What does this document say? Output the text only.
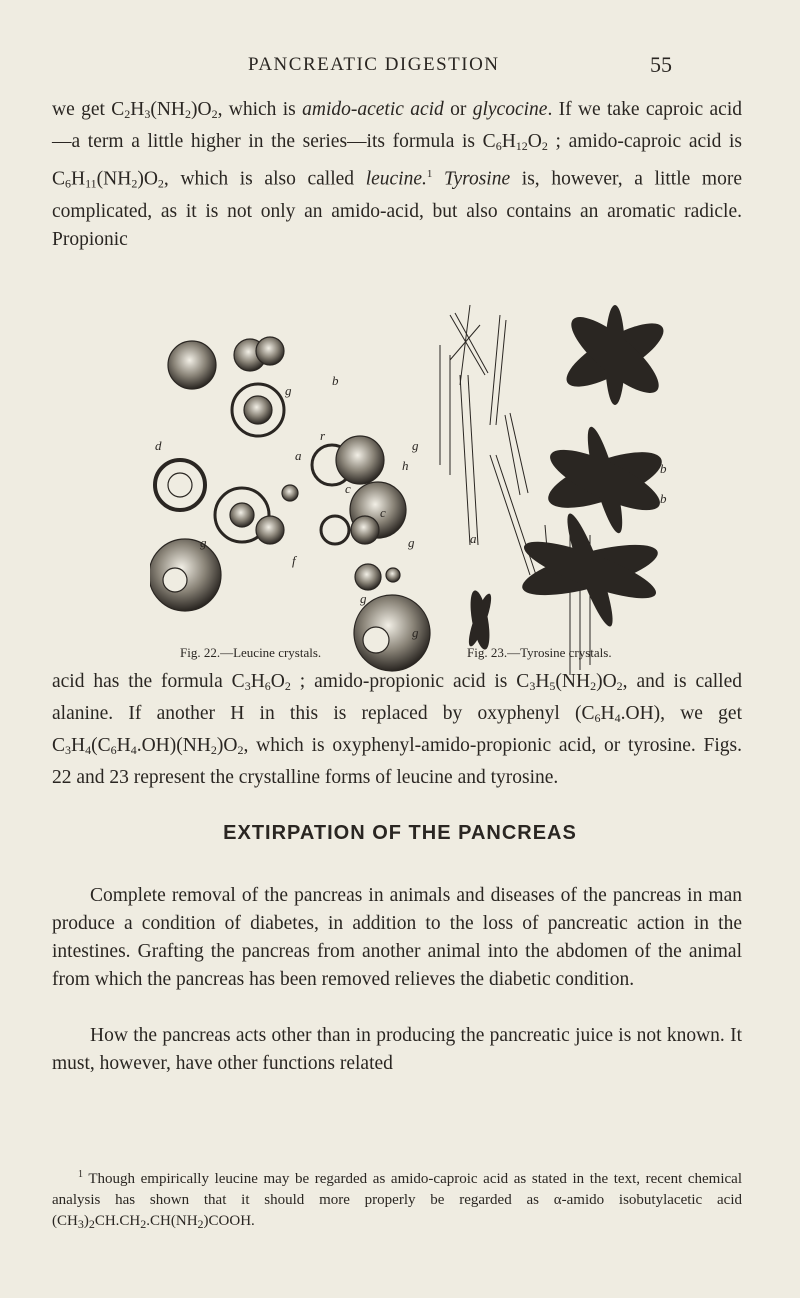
PANCREATIC DIGESTION	55

we get $C_2H_3(NH_2)O_2$, which is amido-acetic acid or glycocine. If we take caproic acid—a term a little higher in the series—its formula is $C_6H_{12}O_2$ ; amido-caproic acid is $C_6H_{11}(NH_2)O_2$, which is also called leucine.$^1$ Tyrosine is, however, a little more complicated, as it is not only an amido-acid, but also contains an aromatic radicle. Propionic

b
g
d
r
a
g
h
c
c
g
g
f
g
g
a
b
b
Fig. 22.—Leucine crystals.	Fig. 23.—Tyrosine crystals.

acid has the formula $C_3H_6O_2$ ; amido-propionic acid is $C_3H_5(NH_2)O_2$, and is called alanine. If another H in this is replaced by oxyphenyl $(C_6H_4.OH)$, we get $C_3H_4(C_6H_4.OH)(NH_2)O_2$, which is oxyphenyl-amido-propionic acid, or tyrosine. Figs. 22 and 23 represent the crystalline forms of leucine and tyrosine.

EXTIRPATION OF THE PANCREAS

Complete removal of the pancreas in animals and diseases of the pancreas in man produce a condition of diabetes, in addition to the loss of pancreatic action in the intestines. Grafting the pancreas from another animal into the abdomen of the animal from which the pancreas has been removed relieves the diabetic condition.

How the pancreas acts other than in producing the pancreatic juice is not known. It must, however, have other functions related

$^1$ Though empirically leucine may be regarded as amido-caproic acid as stated in the text, recent chemical analysis has shown that it should more properly be regarded as α-amido isobutylacetic acid $(CH_3)_2CH.CH_2.CH(NH_2)COOH$.
